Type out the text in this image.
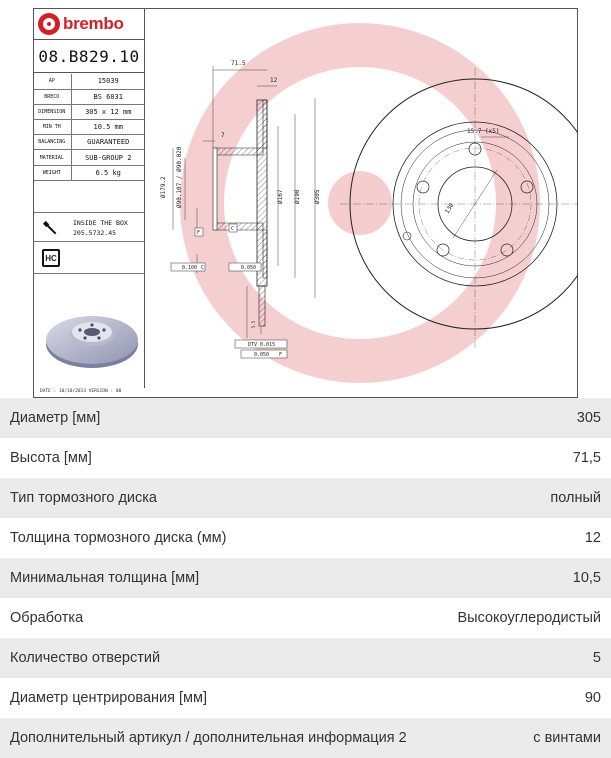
brembo
08.B829.10
AP	15039
BRECO	BS 6031
DIMENSION	305 x 12 mm
MIN TH	10.5 mm
BALANCING	GUARANTEED
MATERIAL	SUB-GROUP 2
WEIGHT	6.5 kg
INSIDE THE BOX
205.5732.45
HC
DATE : 10/10/2013 VERSION : 00
71.5
12
7
Ø179.2 Ø90.107 / Ø90.020	Ø167 Ø190 Ø305
5.5
F
C
0.100 C	0.050
DTV 0.015
0.050 F
15.7 (x5)
130
Диаметр [мм]	305
Высота [мм]	71,5
Тип тормозного диска	полный
Толщина тормозного диска (мм)	12
Минимальная толщина [мм]	10,5
Обработка	Высокоуглеродистый
Количество отверстий	5
Диаметр центрирования [мм]	90
Дополнительный артикул / дополнительная информация 2	с винтами
